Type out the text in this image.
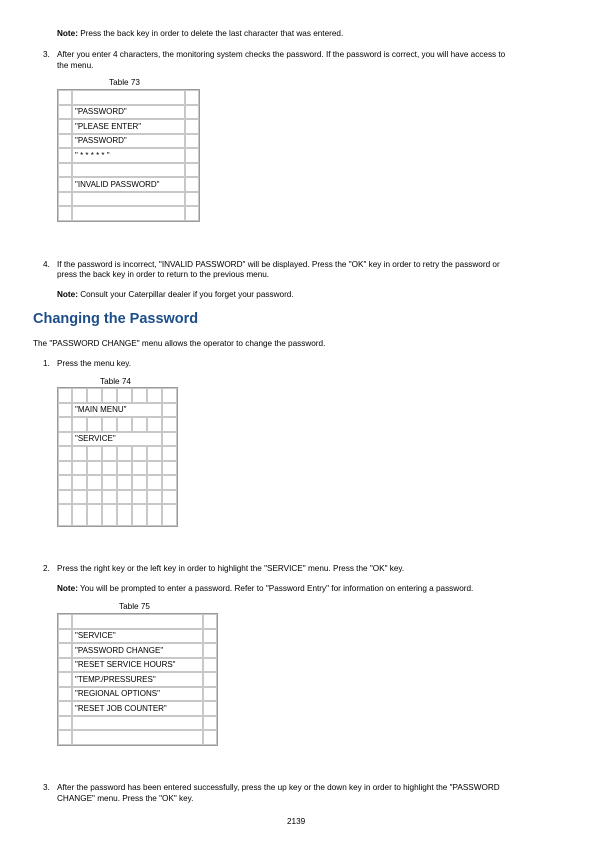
Note: Press the back key in order to delete the last character that was entered.
3. After you enter 4 characters, the monitoring system checks the password. If the password is correct, you will have access to
the menu.
Table 73

	"PASSWORD"	
	"PLEASE ENTER"	
	"PASSWORD"	
	" * * * * * "	

	"INVALID PASSWORD"	

4. If the password is incorrect, "INVALID PASSWORD" will be displayed. Press the "OK" key in order to retry the password or
press the back key in order to return to the previous menu.
Note: Consult your Caterpillar dealer if you forget your password.
Changing the Password
The "PASSWORD CHANGE" menu allows the operator to change the password.
1. Press the menu key.
Table 74

	"MAIN MENU"						

	"SERVICE"						

2. Press the right key or the left key in order to highlight the "SERVICE" menu. Press the "OK" key.
Note: You will be prompted to enter a password. Refer to "Password Entry" for information on entering a password.
Table 75

	"SERVICE"	
	"PASSWORD CHANGE"	
	"RESET SERVICE HOURS"	
	"TEMP./PRESSURES"	
	"REGIONAL OPTIONS"	
	"RESET JOB COUNTER"	

3. After the password has been entered successfully, press the up key or the down key in order to highlight the "PASSWORD
CHANGE" menu. Press the "OK" key.
2139
